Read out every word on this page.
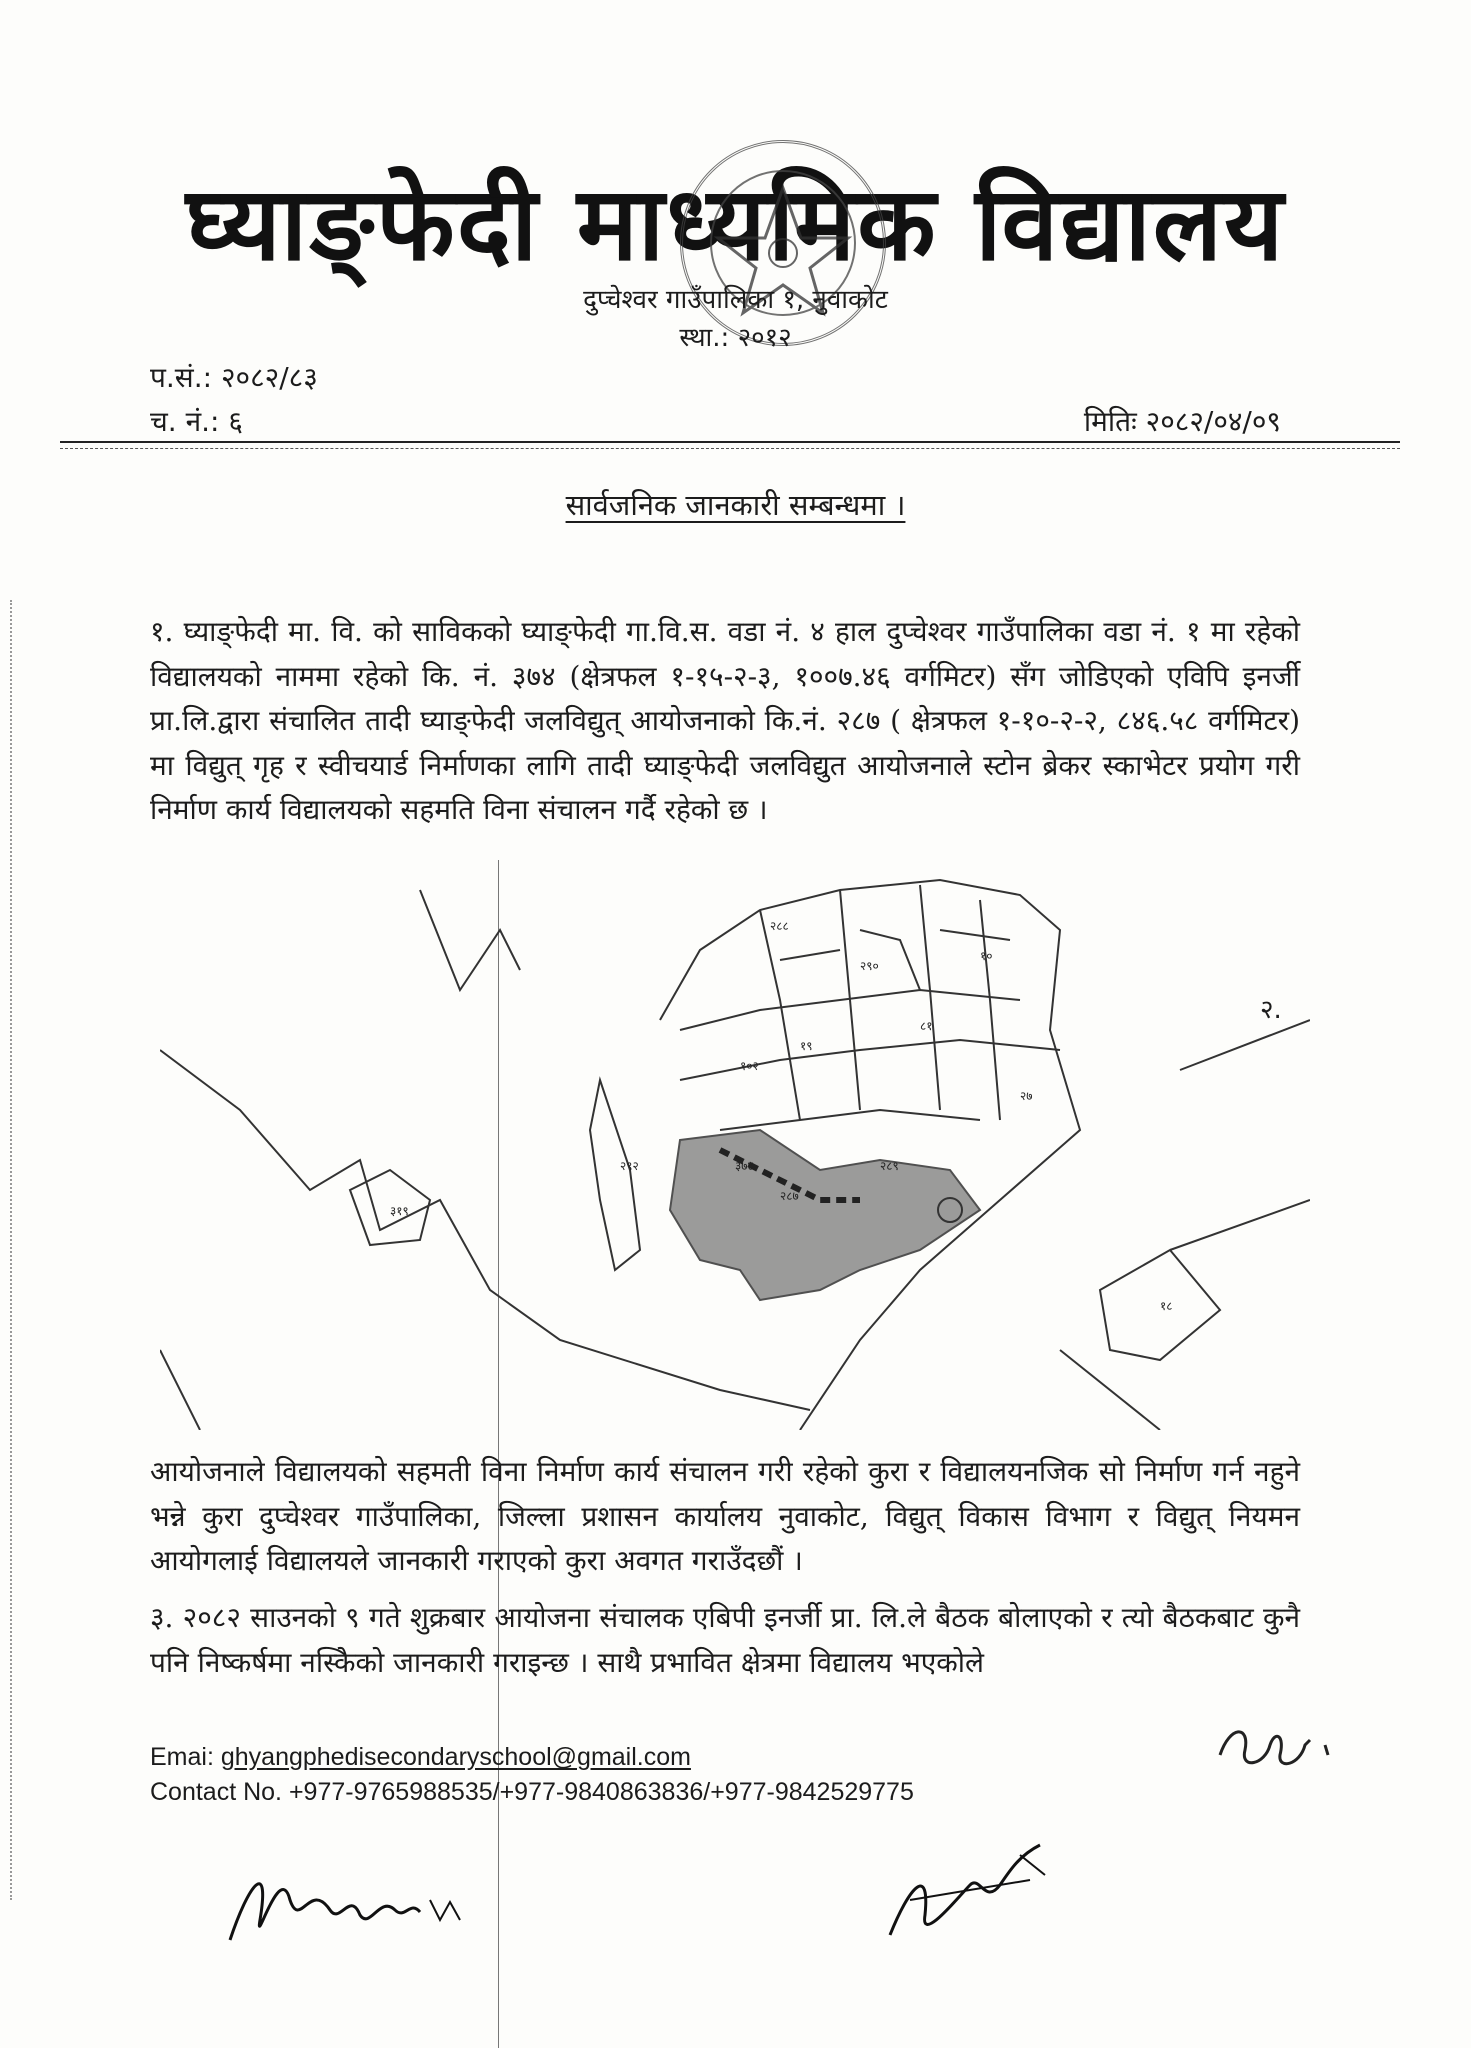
घ्याङ्फेदी माध्यमिक विद्यालय
दुप्चेश्वर गाउँपालिका १, नुवाकोट
स्था.: २०१२
प.सं.: २०८२/८३
च. नं.: ६	मितिः २०८२/०४/०९
सार्वजनिक जानकारी सम्बन्धमा ।
१. घ्याङ्फेदी मा. वि. को साविकको घ्याङ्फेदी गा.वि.स. वडा नं. ४ हाल दुप्चेश्वर गाउँपालिका वडा नं. १ मा रहेको विद्यालयको नाममा रहेको कि. नं. ३७४ (क्षेत्रफल १-१५-२-३, १००७.४६ वर्गमिटर) सँग जोडिएको एविपि इनर्जी प्रा.लि.द्वारा संचालित तादी घ्याङ्फेदी जलविद्युत् आयोजनाको कि.नं. २८७ ( क्षेत्रफल १-१०-२-२, ८४६.५८ वर्गमिटर) मा विद्युत् गृह र स्वीचयार्ड निर्माणका लागि तादी घ्याङ्फेदी जलविद्युत आयोजनाले स्टोन ब्रेकर स्काभेटर प्रयोग गरी निर्माण कार्य विद्यालयको सहमति विना संचालन गर्दै रहेको छ ।
२८७
३७४	२८९
२८८
२९०
१०
८१
१९
१०२
२७
३१९
२९२
१८
२.
आयोजनाले विद्यालयको सहमती विना निर्माण कार्य संचालन गरी रहेको कुरा र विद्यालयनजिक सो निर्माण गर्न नहुने भन्ने कुरा दुप्चेश्वर गाउँपालिका, जिल्ला प्रशासन कार्यालय नुवाकोट, विद्युत् विकास विभाग र विद्युत् नियमन आयोगलाई विद्यालयले जानकारी गराएको कुरा अवगत गराउँदछौं ।
३. २०८२ साउनको ९ गते शुक्रबार आयोजना संचालक एबिपी इनर्जी प्रा. लि.ले बैठक बोलाएको र त्यो बैठकबाट कुनै पनि निष्कर्षमा नस्किेको जानकारी गराइन्छ । साथै प्रभावित क्षेत्रमा विद्यालय भएकोले
Emai: ghyangphedisecondaryschool@gmail.com
Contact No. +977-9765988535/+977-9840863836/+977-9842529775
